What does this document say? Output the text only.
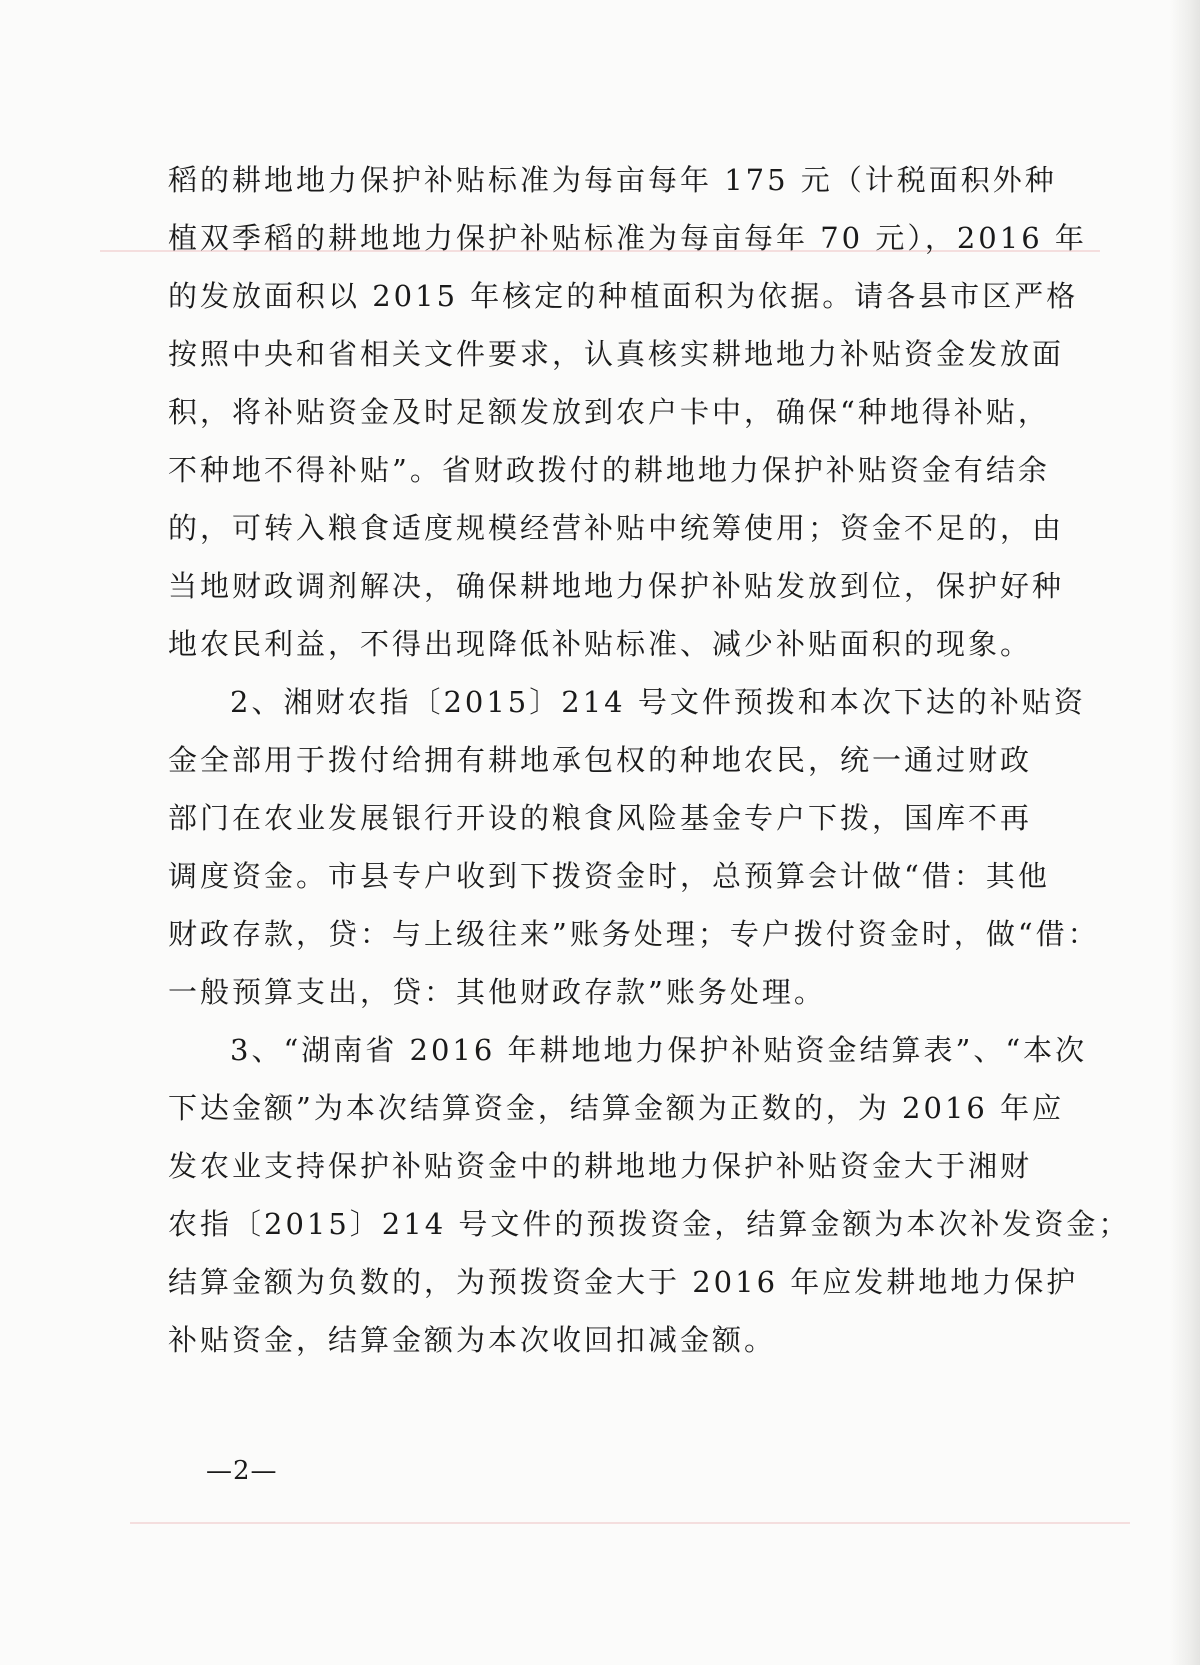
稻的耕地地力保护补贴标准为每亩每年 175 元（计税面积外种
植双季稻的耕地地力保护补贴标准为每亩每年 70 元），2016 年
的发放面积以 2015 年核定的种植面积为依据。请各县市区严格
按照中央和省相关文件要求，认真核实耕地地力补贴资金发放面
积，将补贴资金及时足额发放到农户卡中，确保“种地得补贴，
不种地不得补贴”。省财政拨付的耕地地力保护补贴资金有结余
的，可转入粮食适度规模经营补贴中统筹使用；资金不足的，由
当地财政调剂解决，确保耕地地力保护补贴发放到位，保护好种
地农民利益，不得出现降低补贴标准、减少补贴面积的现象。
2、湘财农指〔2015〕214 号文件预拨和本次下达的补贴资
金全部用于拨付给拥有耕地承包权的种地农民，统一通过财政
部门在农业发展银行开设的粮食风险基金专户下拨，国库不再
调度资金。市县专户收到下拨资金时，总预算会计做“借：其他
财政存款，贷：与上级往来”账务处理；专户拨付资金时，做“借：
一般预算支出，贷：其他财政存款”账务处理。
3、“湖南省 2016 年耕地地力保护补贴资金结算表”、“本次
下达金额”为本次结算资金，结算金额为正数的，为 2016 年应
发农业支持保护补贴资金中的耕地地力保护补贴资金大于湘财
农指〔2015〕214 号文件的预拨资金，结算金额为本次补发资金；
结算金额为负数的，为预拨资金大于 2016 年应发耕地地力保护
补贴资金，结算金额为本次收回扣减金额。
—2—
